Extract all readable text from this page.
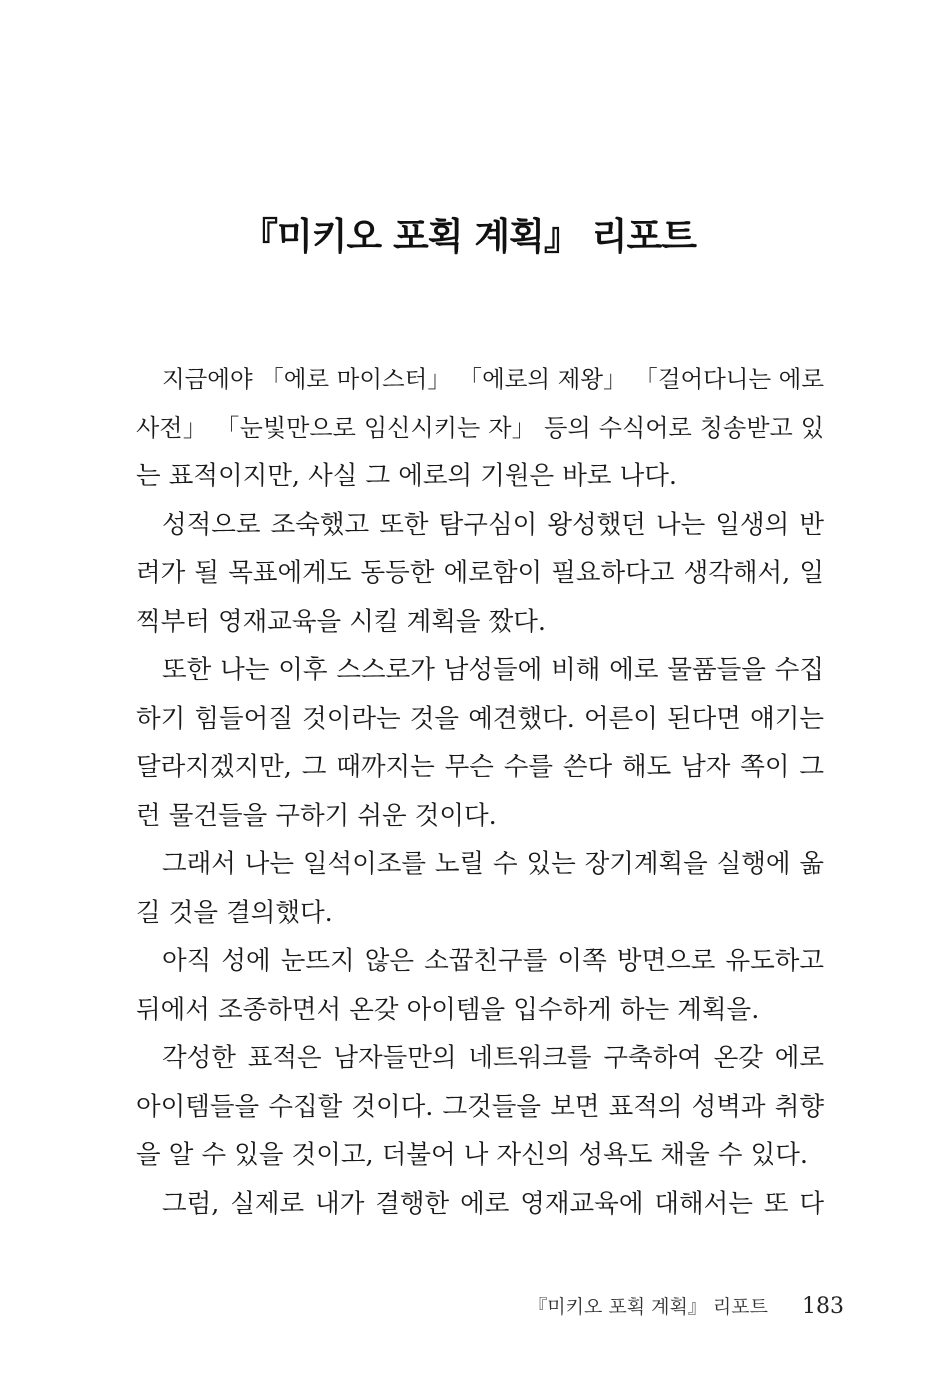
『미키오 포획 계획』 리포트
지금에야 「에로 마이스터」 「에로의 제왕」 「걸어다니는 에로
사전」 「눈빛만으로 임신시키는 자」 등의 수식어로 칭송받고 있
는 표적이지만, 사실 그 에로의 기원은 바로 나다.
성적으로 조숙했고 또한 탐구심이 왕성했던 나는 일생의 반
려가 될 목표에게도 동등한 에로함이 필요하다고 생각해서, 일
찍부터 영재교육을 시킬 계획을 짰다.
또한 나는 이후 스스로가 남성들에 비해 에로 물품들을 수집
하기 힘들어질 것이라는 것을 예견했다. 어른이 된다면 얘기는
달라지겠지만, 그 때까지는 무슨 수를 쓴다 해도 남자 쪽이 그
런 물건들을 구하기 쉬운 것이다.
그래서 나는 일석이조를 노릴 수 있는 장기계획을 실행에 옮
길 것을 결의했다.
아직 성에 눈뜨지 않은 소꿉친구를 이쪽 방면으로 유도하고
뒤에서 조종하면서 온갖 아이템을 입수하게 하는 계획을.
각성한 표적은 남자들만의 네트워크를 구축하여 온갖 에로
아이템들을 수집할 것이다. 그것들을 보면 표적의 성벽과 취향
을 알 수 있을 것이고, 더불어 나 자신의 성욕도 채울 수 있다.
그럼, 실제로 내가 결행한 에로 영재교육에 대해서는 또 다
『미키오 포획 계획』 리포트 183
